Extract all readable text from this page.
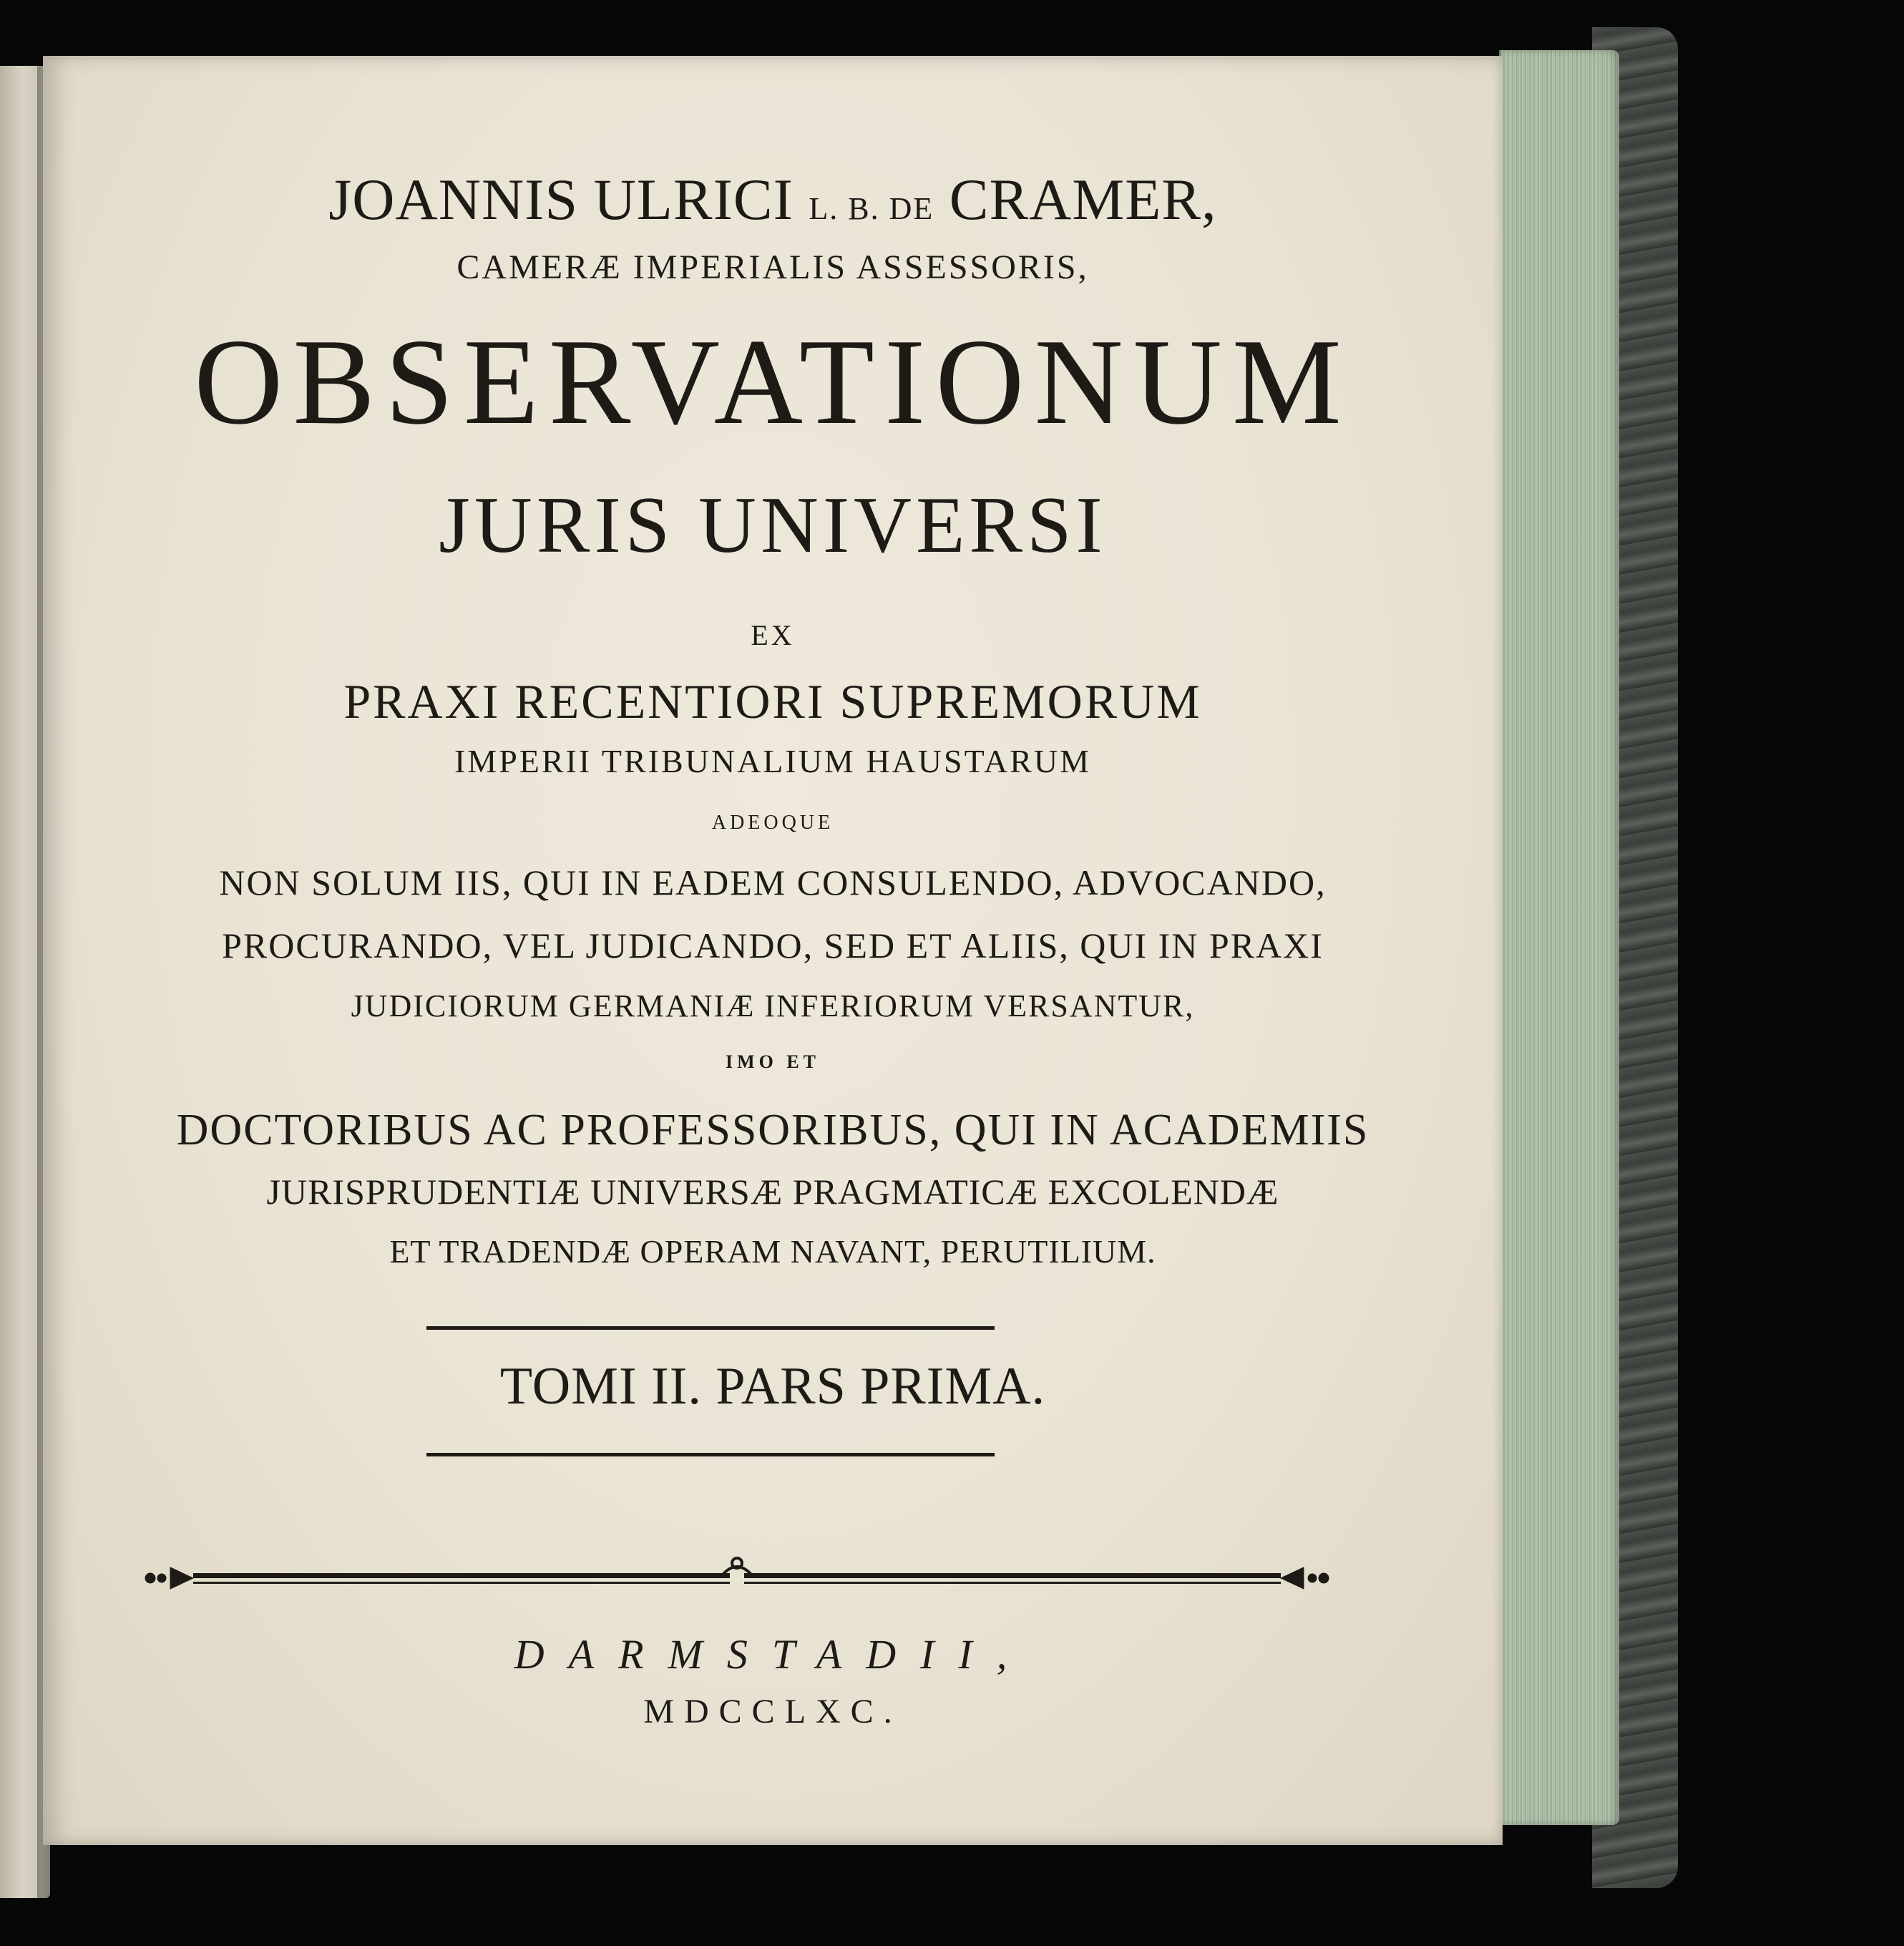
JOANNIS ULRICI L. B. DE CRAMER,

CAMERÆ IMPERIALIS ASSESSORIS,

OBSERVATIONUM

JURIS UNIVERSI

EX

PRAXI RECENTIORI SUPREMORUM

IMPERII TRIBUNALIUM HAUSTARUM

ADEOQUE

NON SOLUM IIS, QUI IN EADEM CONSULENDO, ADVOCANDO,

PROCURANDO, VEL JUDICANDO, SED ET ALIIS, QUI IN PRAXI

JUDICIORUM GERMANIÆ INFERIORUM VERSANTUR,

IMO ET

DOCTORIBUS AC PROFESSORIBUS, QUI IN ACADEMIIS

JURISPRUDENTIÆ UNIVERSÆ PRAGMATICÆ EXCOLENDÆ

ET TRADENDÆ OPERAM NAVANT, PERUTILIUM.

TOMI II. PARS PRIMA.

DARMSTADII,

MDCCLXC.
